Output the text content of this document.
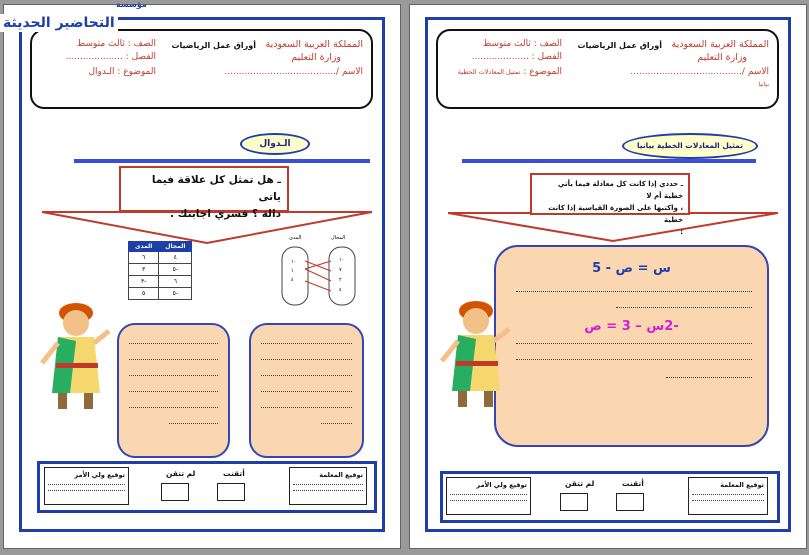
المملكة العربية السعودية
وزارة التعليم
أوراق عمل الرياضيات
الصف : ثالث متوسط
الفصل : ....................
الاسم /.......................................
الموضوع : الـدوال
الـدوال
ـ هل تمثل كل علاقة فيما ياتى
دالة ؟ فسري اجابتك .
المجال	المدى
٤	٦
-٥	٣
٦	-٣
-٥	٥
المدى	المجال
١٠
١
٤
١٠
٧
٢
٤
توقيع المعلمة
أتقنت
لم تتقن
توقيع ولي الأمر
مؤسسة
التحاضير الحديثة
المملكة العربية السعودية
وزارة التعليم
أوراق عمل الرياضيات
الصف : ثالث متوسط
الفصل : ....................
الاسم /.......................................
الموضوع : تمثيل المعادلات الخطية
بيانيا
تمثيل المعادلات الخطية بيانيا
ـ حددي إذا كانت كل معادلة فيما يأتي خطية أم لا
، واكتبها على الصورة القياسية إذا كانت خطية
:
س = ص - 5
-2س – 3 = ص
توقيع المعلمة
أتقنت
لم تتقن
توقيع ولي الأمر
